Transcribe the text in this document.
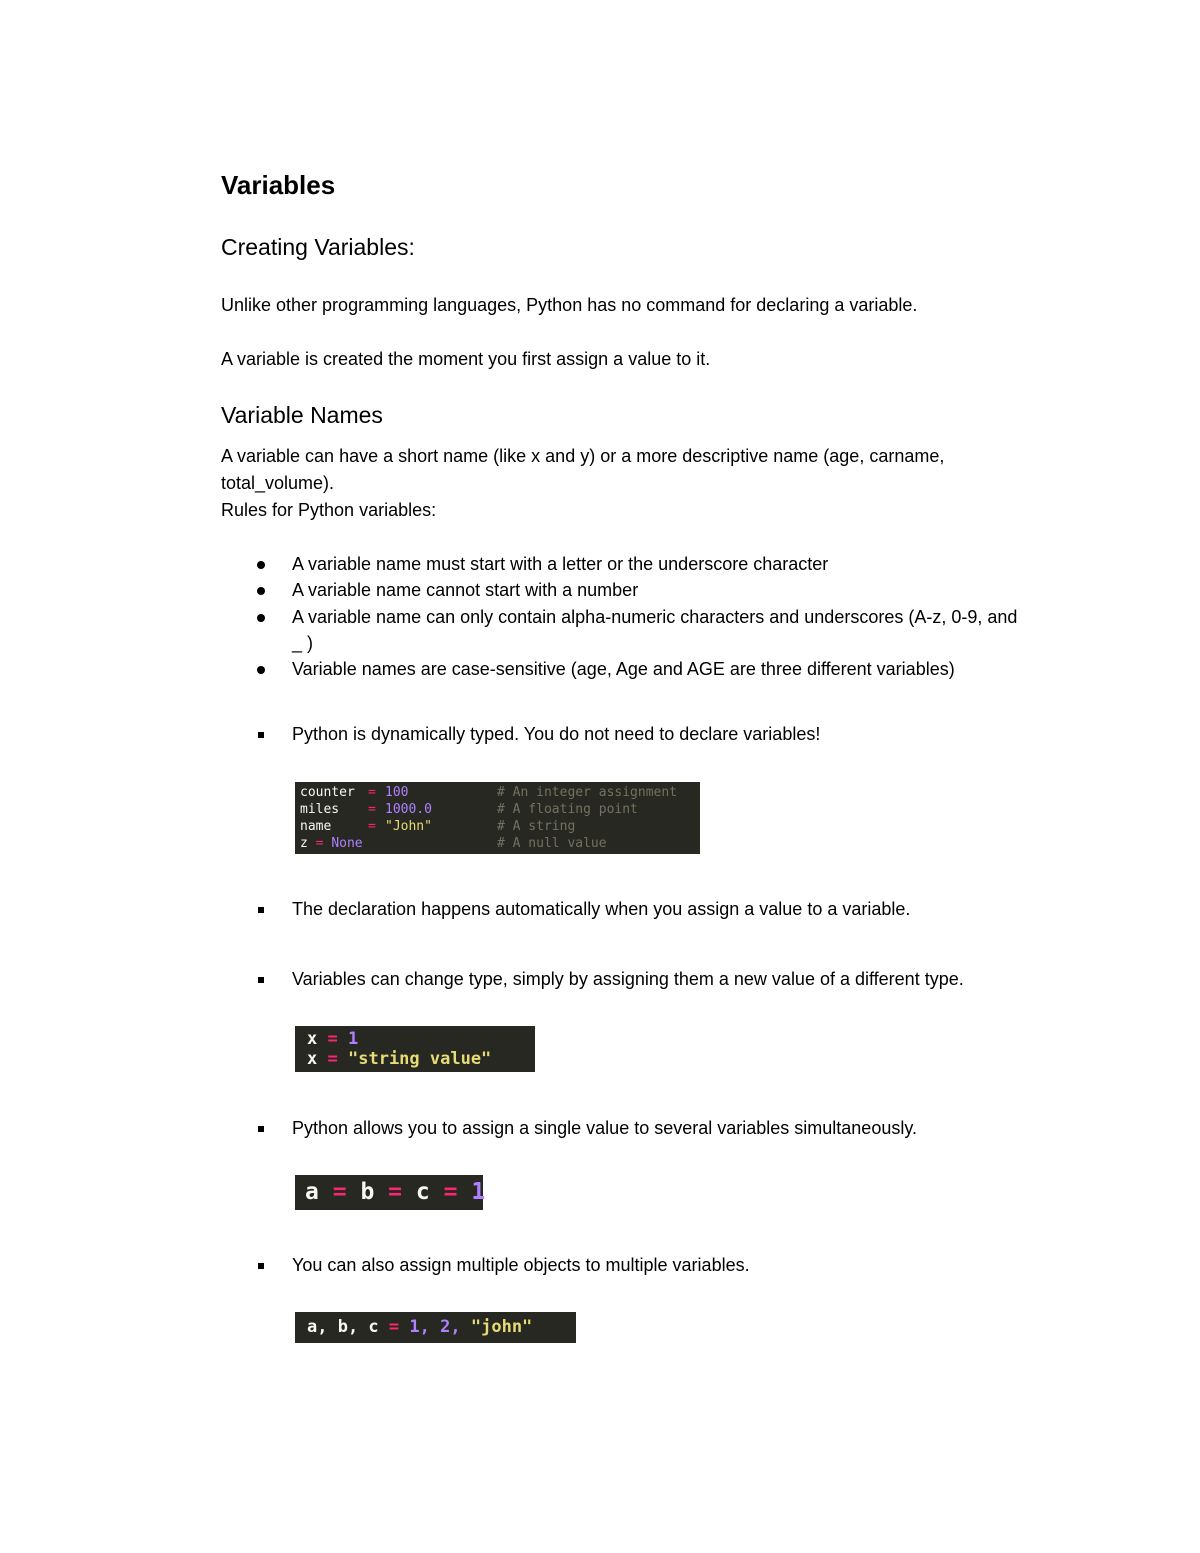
Variables
Creating Variables:
Unlike other programming languages, Python has no command for declaring a variable.
A variable is created the moment you first assign a value to it.
Variable Names
A variable can have a short name (like x and y) or a more descriptive name (age, carname,
total_volume).
Rules for Python variables:
A variable name must start with a letter or the underscore character
A variable name cannot start with a number
A variable name can only contain alpha-numeric characters and underscores (A-z, 0-9, and
_ )
Variable names are case-sensitive (age, Age and AGE are three different variables)
Python is dynamically typed. You do not need to declare variables!
counter = 100	# An integer assignment
miles = 1000.0	# A floating point
name	= "John"	# A string
z = None	# A null value
The declaration happens automatically when you assign a value to a variable.
Variables can change type, simply by assigning them a new value of a different type.
x = 1
x = "string value"
Python allows you to assign a single value to several variables simultaneously.
a = b = c = 1
You can also assign multiple objects to multiple variables.
a, b, c = 1, 2, "john"
